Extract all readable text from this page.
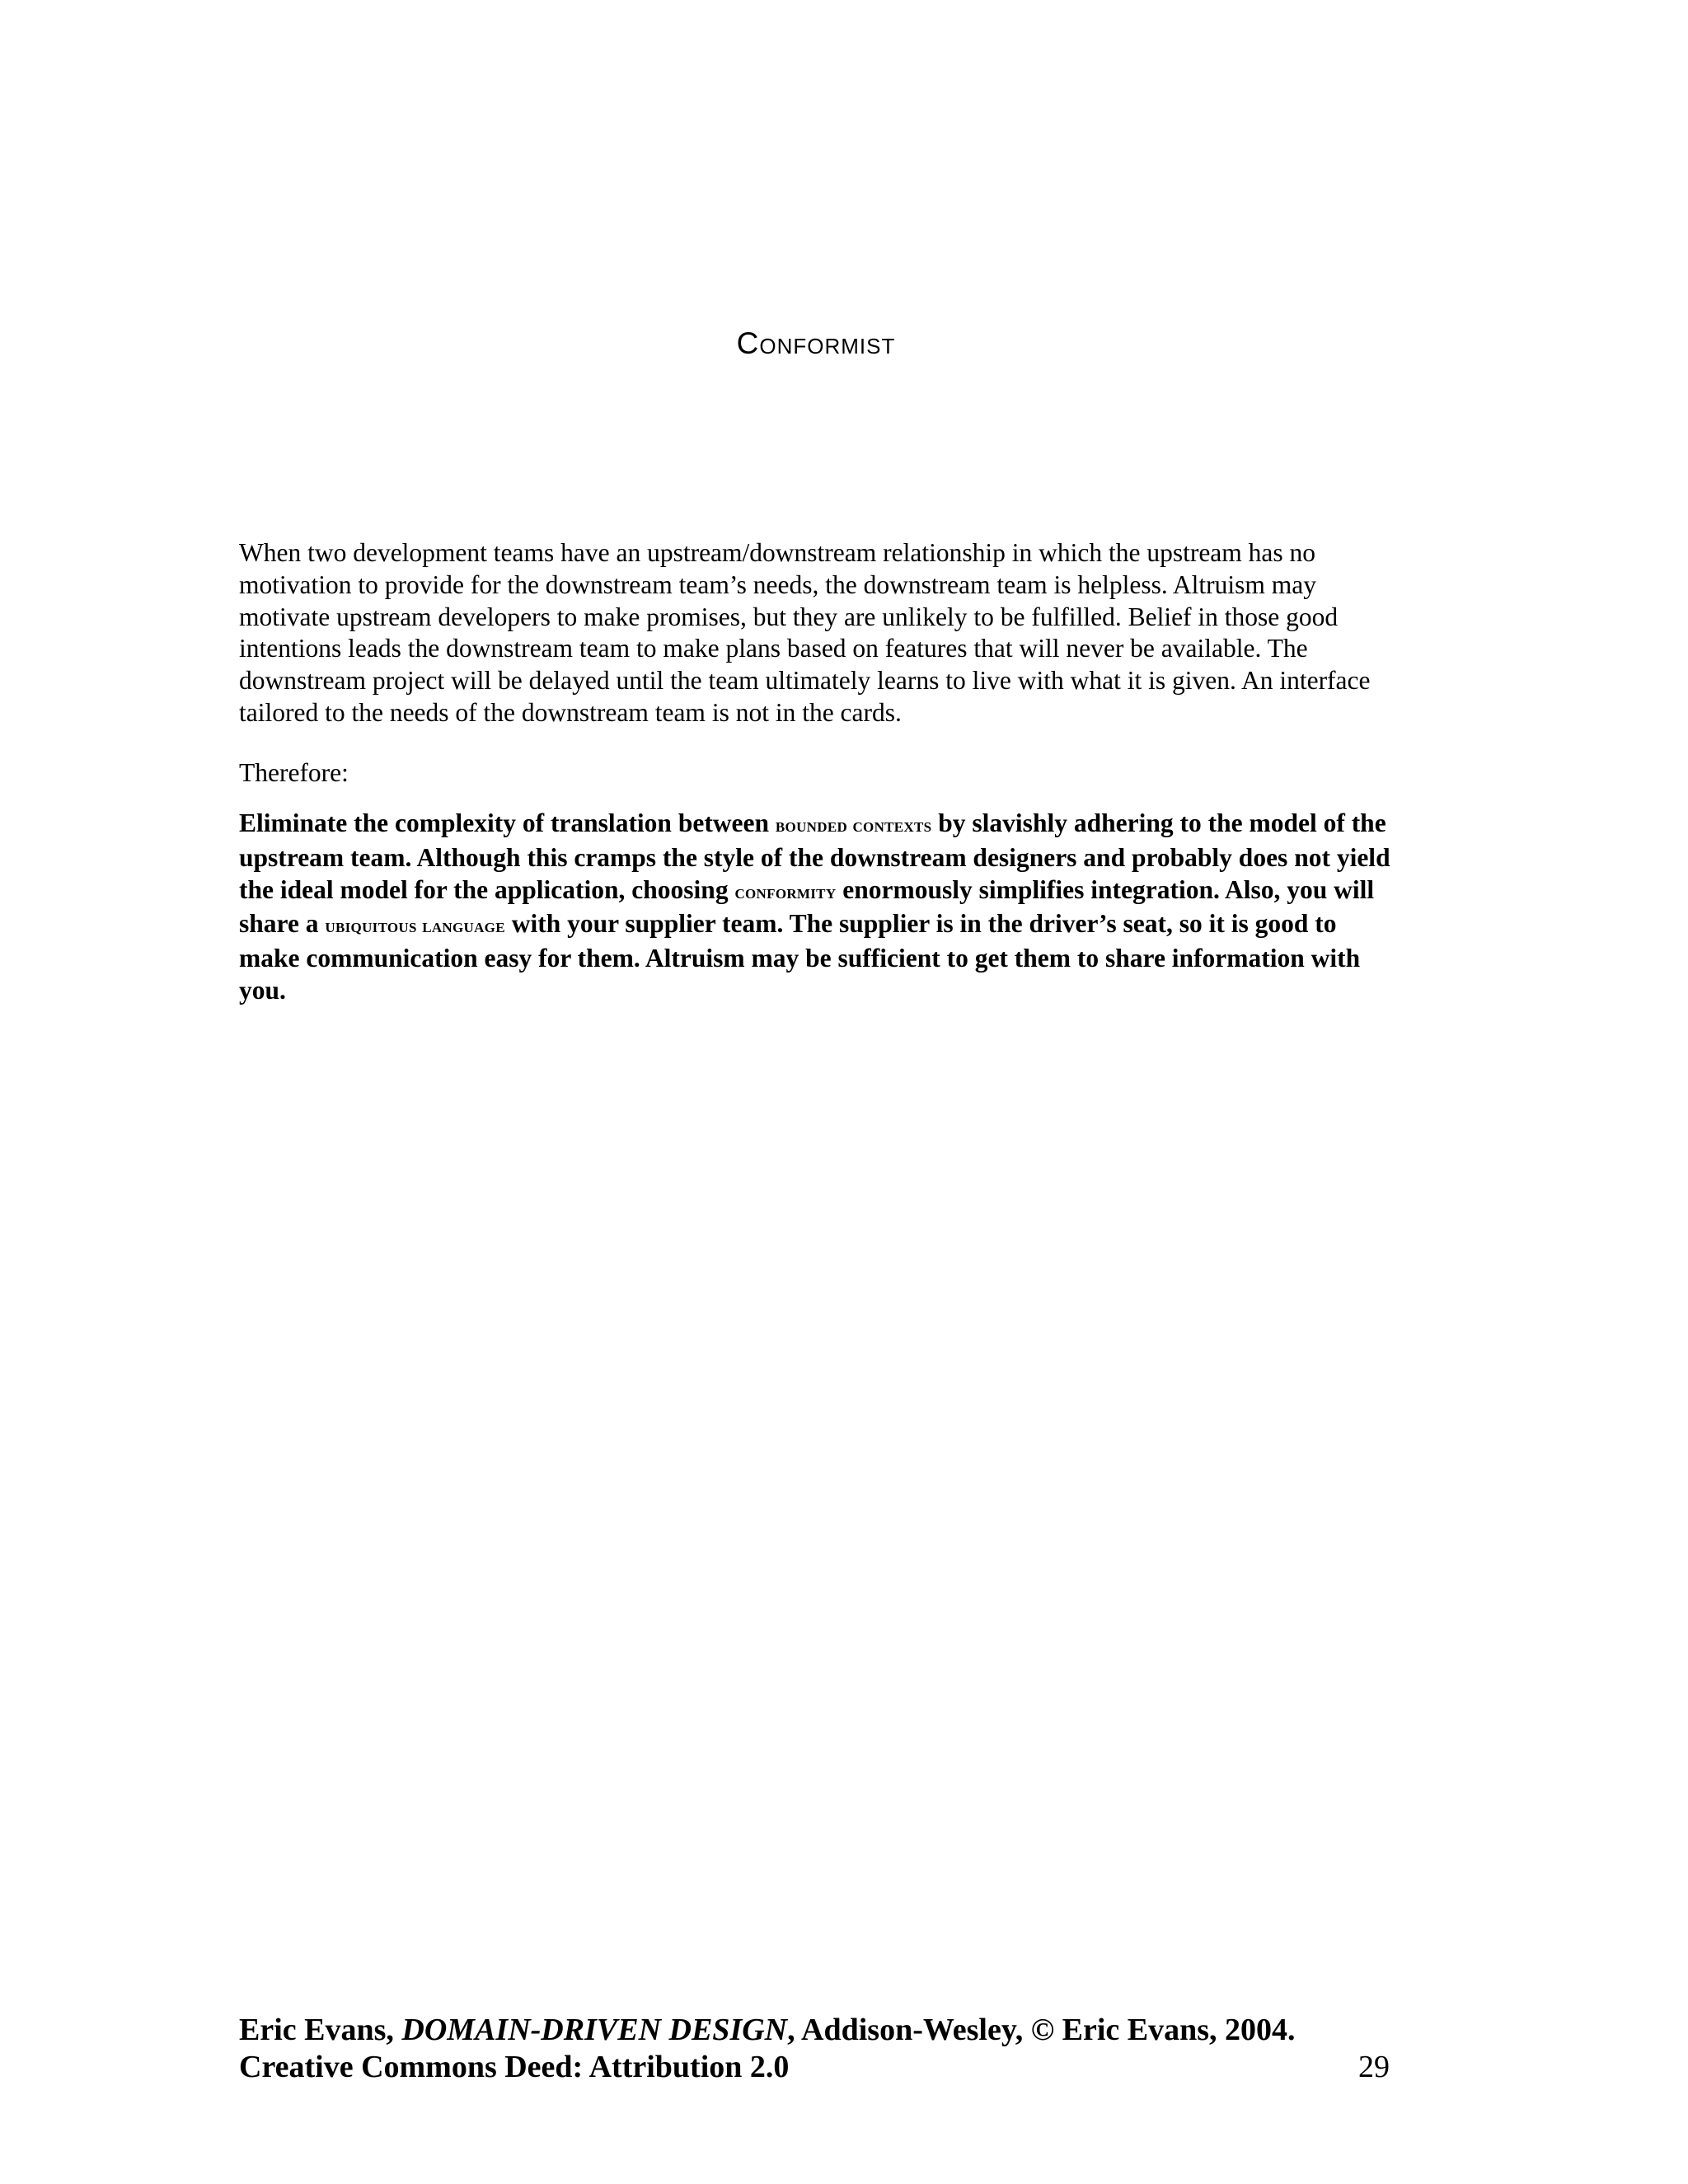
Conformist

When two development teams have an upstream/downstream relationship in which the upstream has no motivation to provide for the downstream team’s needs, the downstream team is helpless. Altruism may motivate upstream developers to make promises, but they are unlikely to be fulfilled. Belief in those good intentions leads the downstream team to make plans based on features that will never be available. The downstream project will be delayed until the team ultimately learns to live with what it is given. An interface tailored to the needs of the downstream team is not in the cards.

Therefore:

Eliminate the complexity of translation between bounded contexts by slavishly adhering to the model of the upstream team. Although this cramps the style of the downstream designers and probably does not yield the ideal model for the application, choosing conformity enormously simplifies integration. Also, you will share a ubiquitous language with your supplier team. The supplier is in the driver’s seat, so it is good to make communication easy for them. Altruism may be sufficient to get them to share information with you.

Eric Evans, DOMAIN-DRIVEN DESIGN, Addison-Wesley, © Eric Evans, 2004.
Creative Commons Deed: Attribution 2.0	29
